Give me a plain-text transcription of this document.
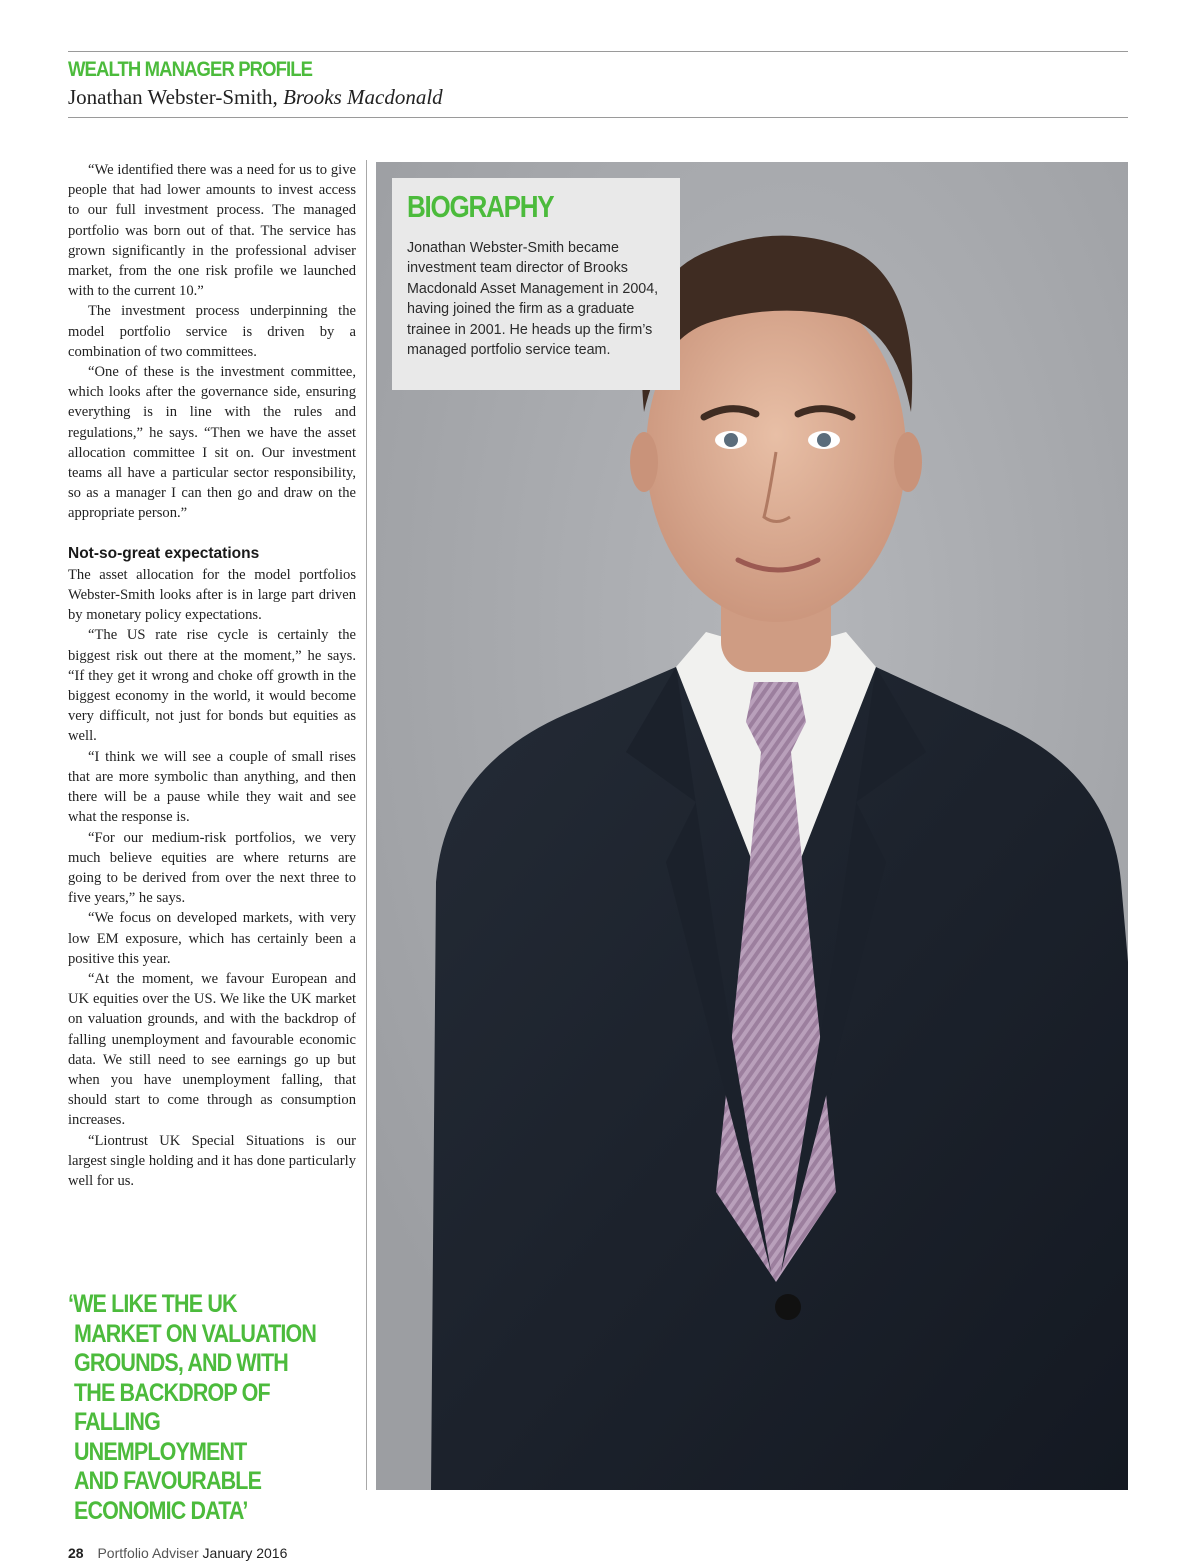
WEALTH MANAGER PROFILE
Jonathan Webster-Smith, Brooks Macdonald

“We identified there was a need for us to give people that had lower amounts to invest access to our full investment process. The managed portfolio was born out of that. The service has grown significantly in the professional adviser market, from the one risk profile we launched with to the current 10.”

The investment process underpinning the model portfolio service is driven by a combination of two committees.

“One of these is the investment committee, which looks after the governance side, ensuring everything is in line with the rules and regulations,” he says. “Then we have the asset allocation committee I sit on. Our investment teams all have a particular sector responsibility, so as a manager I can then go and draw on the appropriate person.”

Not-so-great expectations

The asset allocation for the model portfolios Webster-Smith looks after is in large part driven by monetary policy expectations.

“The US rate rise cycle is certainly the biggest risk out there at the moment,” he says. “If they get it wrong and choke off growth in the biggest economy in the world, it would become very difficult, not just for bonds but equities as well.

“I think we will see a couple of small rises that are more symbolic than anything, and then there will be a pause while they wait and see what the response is.

“For our medium-risk portfolios, we very much believe equities are where returns are going to be derived from over the next three to five years,” he says.

“We focus on developed markets, with very low EM exposure, which has certainly been a positive this year.

“At the moment, we favour European and UK equities over the US. We like the UK market on valuation grounds, and with the backdrop of falling unemployment and favourable economic data. We still need to see earnings go up but when you have unemployment falling, that should start to come through as consumption increases.

“Liontrust UK Special Situations is our largest single holding and it has done particularly well for us.

‘WE LIKE THE UK
MARKET ON VALUATION
GROUNDS, AND WITH
THE BACKDROP OF
FALLING UNEMPLOYMENT
AND FAVOURABLE
ECONOMIC DATA’
BIOGRAPHY
Jonathan Webster-Smith became investment team director of Brooks Macdonald Asset Management in 2004, having joined the firm as a graduate trainee in 2001. He heads up the firm’s managed portfolio service team.
28 Portfolio Adviser January 2016
